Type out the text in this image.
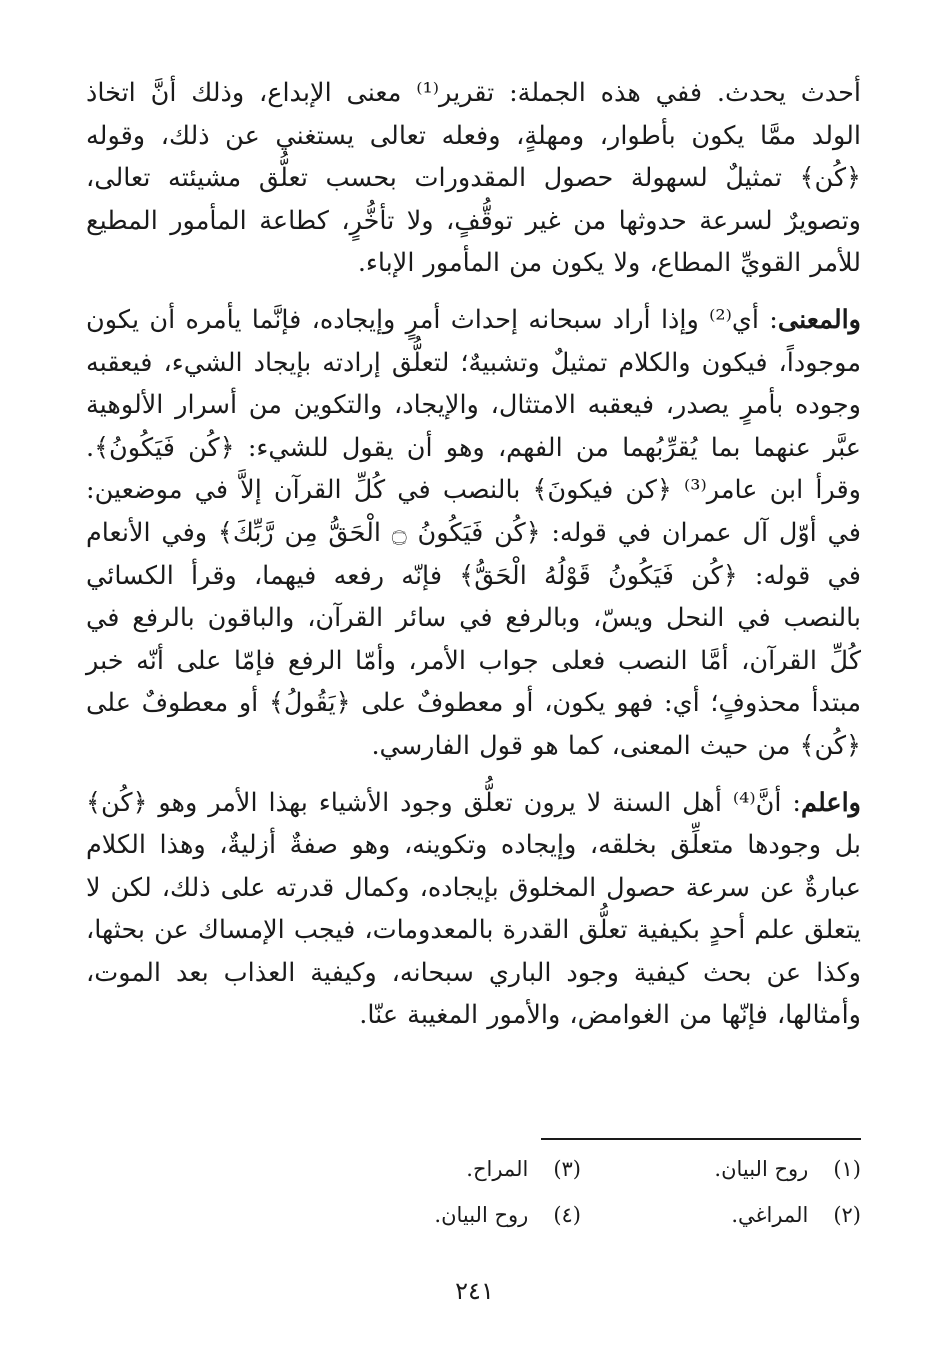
أحدث يحدث. ففي هذه الجملة: تقرير⁽¹⁾ معنى الإبداع، وذلك أنَّ اتخاذ الولد ممَّا يكون بأطوار، ومهلةٍ، وفعله تعالى يستغني عن ذلك، وقوله ﴿كُن﴾ تمثيلٌ لسهولة حصول المقدورات بحسب تعلُّق مشيئته تعالى، وتصويرٌ لسرعة حدوثها من غير توقُّفٍ، ولا تأخُّرٍ، كطاعة المأمور المطيع للأمر القويِّ المطاع، ولا يكون من المأمور الإباء.

والمعنى: أي⁽²⁾ وإذا أراد سبحانه إحداث أمرٍ وإيجاده، فإنَّما يأمره أن يكون موجوداً، فيكون والكلام تمثيلٌ وتشبيهٌ؛ لتعلُّق إرادته بإيجاد الشيء، فيعقبه وجوده بأمرٍ يصدر، فيعقبه الامتثال، والإيجاد، والتكوين من أسرار الألوهية عبَّر عنهما بما يُقرِّبُهما من الفهم، وهو أن يقول للشيء: ﴿كُن فَيَكُونُ﴾. وقرأ ابن عامر⁽³⁾ ﴿كن فيكونَ﴾ بالنصب في كُلِّ القرآن إلاَّ في موضعين: في أوّل آل عمران في قوله: ﴿كُن فَيَكُونُ ۝ الْحَقُّ مِن رَّبِّكَ﴾ وفي الأنعام في قوله: ﴿كُن فَيَكُونُ قَوْلُهُ الْحَقُّ﴾ فإنّه رفعه فيهما، وقرأ الكسائي بالنصب في النحل ويسّ، وبالرفع في سائر القرآن، والباقون بالرفع في كُلِّ القرآن، أمَّا النصب فعلى جواب الأمر، وأمّا الرفع فإمّا على أنّه خبر مبتدأ محذوفٍ؛ أي: فهو يكون، أو معطوفٌ على ﴿يَقُولُ﴾ أو معطوفٌ على ﴿كُن﴾ من حيث المعنى، كما هو قول الفارسي.

واعلم: أنَّ⁽⁴⁾ أهل السنة لا يرون تعلُّق وجود الأشياء بهذا الأمر وهو ﴿كُن﴾ بل وجودها متعلِّق بخلقه، وإيجاده وتكوينه، وهو صفةٌ أزليةٌ، وهذا الكلام عبارةٌ عن سرعة حصول المخلوق بإيجاده، وكمال قدرته على ذلك، لكن لا يتعلق علم أحدٍ بكيفية تعلُّق القدرة بالمعدومات، فيجب الإمساك عن بحثها، وكذا عن بحث كيفية وجود الباري سبحانه، وكيفية العذاب بعد الموت، وأمثالها، فإنّها من الغوامض، والأمور المغيبة عنّا.

(١) روح البيان.
(٣) المراح.
(٢) المراغي.
(٤) روح البيان.
٢٤١
